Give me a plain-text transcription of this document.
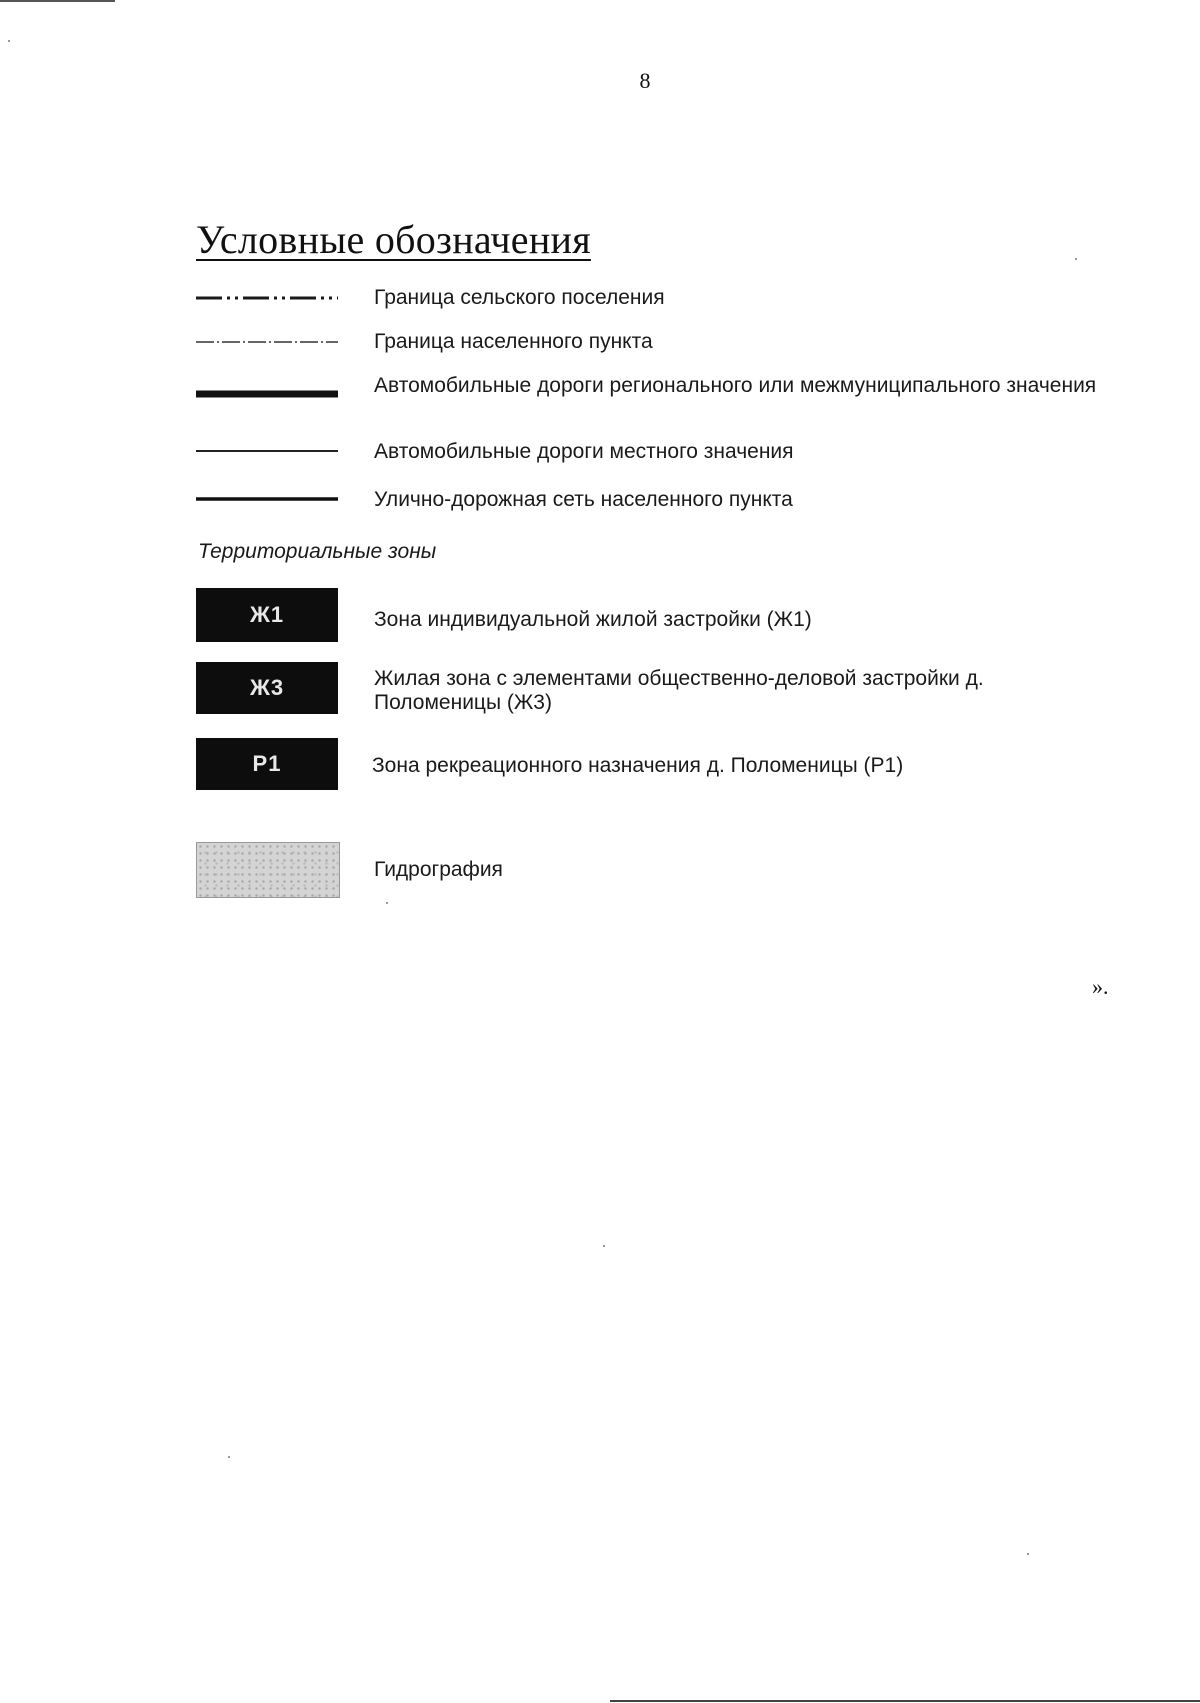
8
Условные обозначения
Граница сельского поселения
Граница населенного пункта
Автомобильные дороги регионального или межмуниципального значения
Автомобильные дороги местного значения
Улично-дорожная сеть населенного пункта
Территориальные зоны
Ж1	Зона индивидуальной жилой застройки (Ж1)
Ж3	Жилая зона с элементами общественно-деловой застройки д. Поломеницы (Ж3)
Р1	Зона рекреационного назначения д. Поломеницы (Р1)
Гидрография
».
